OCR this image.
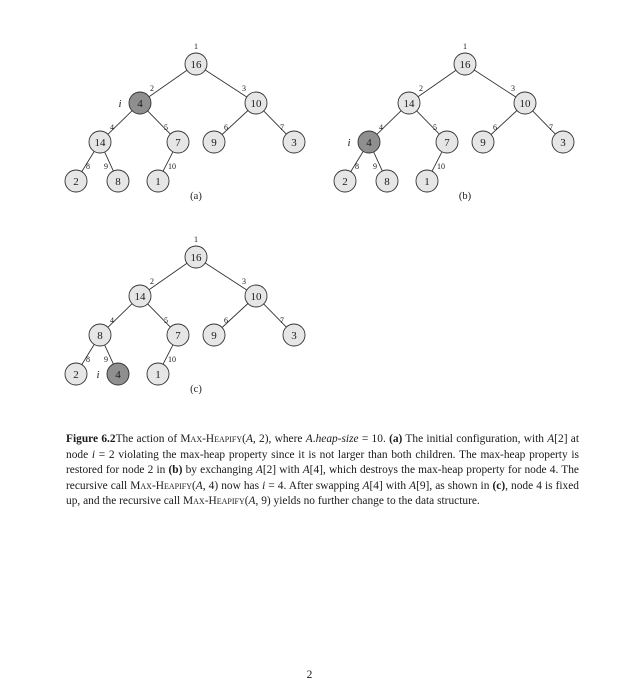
16
1
4
2
10
3
14
4
7
5
9
6
3
7
2
8
8
9
1
10
i
(a)
16
1
14
2
10
3
4
4
7
5
9
6
3
7
2
8
8
9
1
10
i
(b)
16
1
14
2
10
3
8
4
7
5
9
6
3
7
2
8
4
9
1
10
i
(c)
Figure 6.2The action of Max-Heapify(A, 2), where A.heap-size = 10. (a) The initial configuration, with A[2] at node i = 2 violating the max-heap property since it is not larger than both children. The max-heap property is restored for node 2 in (b) by exchanging A[2] with A[4], which destroys the max-heap property for node 4. The recursive call Max-Heapify(A, 4) now has i = 4. After swapping A[4] with A[9], as shown in (c), node 4 is fixed up, and the recursive call Max-Heapify(A, 9) yields no further change to the data structure.
2
